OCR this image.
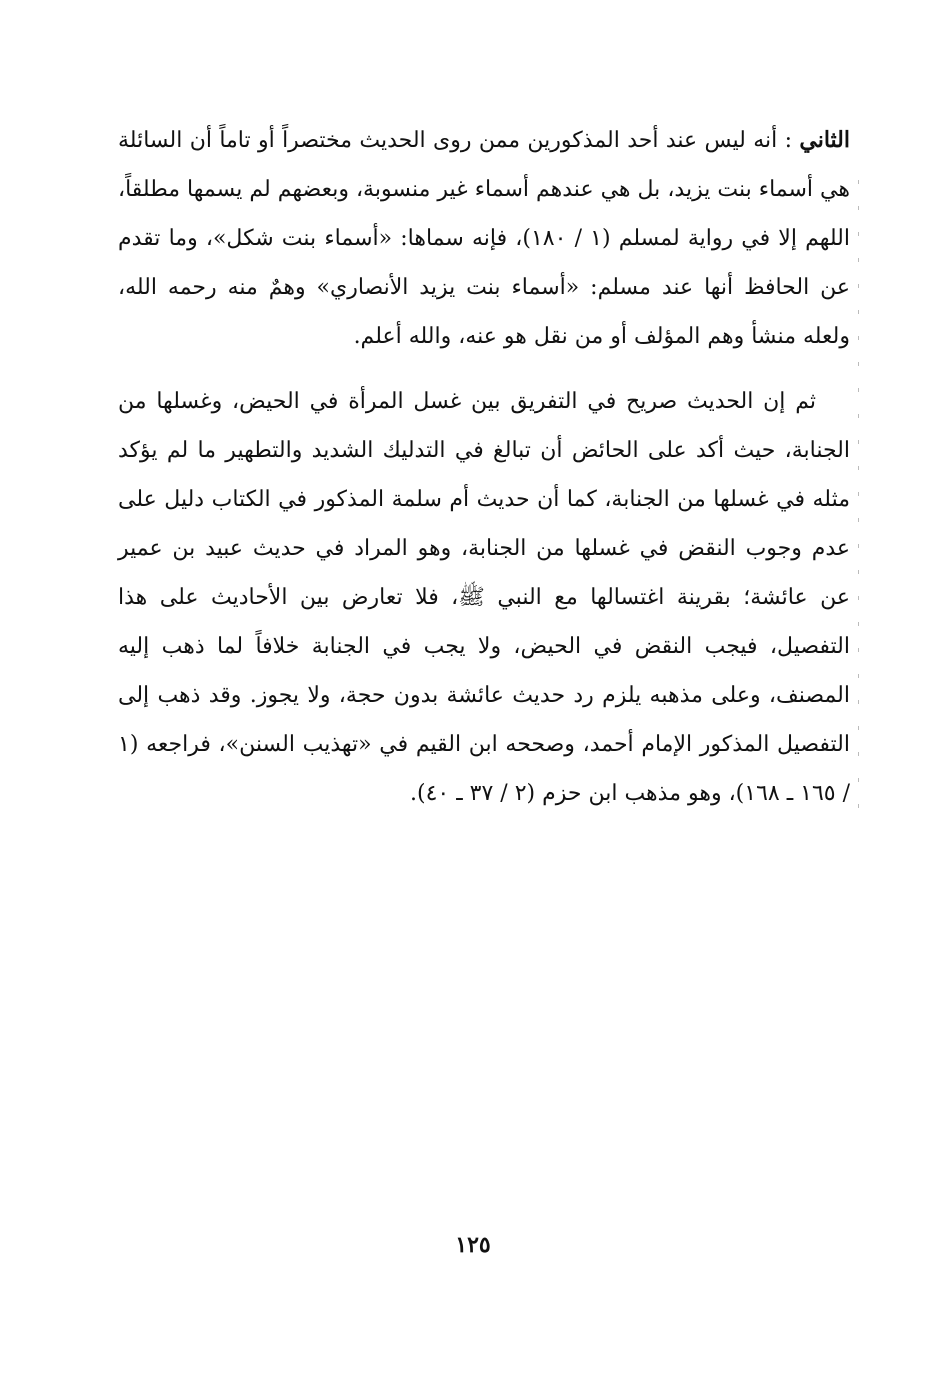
الثاني : أنه ليس عند أحد المذكورين ممن روى الحديث مختصراً أو تاماً أن السائلة هي أسماء بنت يزيد، بل هي عندهم أسماء غير منسوبة، وبعضهم لم يسمها مطلقاً، اللهم إلا في رواية لمسلم (١ / ١٨٠)، فإنه سماها: «أسماء بنت شكل»، وما تقدم عن الحافظ أنها عند مسلم: «أسماء بنت يزيد الأنصاري» وهمٌ منه رحمه الله، ولعله منشأ وهم المؤلف أو من نقل هو عنه، والله أعلم.

ثم إن الحديث صريح في التفريق بين غسل المرأة في الحيض، وغسلها من الجنابة، حيث أكد على الحائض أن تبالغ في التدليك الشديد والتطهير ما لم يؤكد مثله في غسلها من الجنابة، كما أن حديث أم سلمة المذكور في الكتاب دليل على عدم وجوب النقض في غسلها من الجنابة، وهو المراد في حديث عبيد بن عمير عن عائشة؛ بقرينة اغتسالها مع النبي ﷺ، فلا تعارض بين الأحاديث على هذا التفصيل، فيجب النقض في الحيض، ولا يجب في الجنابة خلافاً لما ذهب إليه المصنف، وعلى مذهبه يلزم رد حديث عائشة بدون حجة، ولا يجوز. وقد ذهب إلى التفصيل المذكور الإمام أحمد، وصححه ابن القيم في «تهذيب السنن»، فراجعه (١ / ١٦٥ ـ ١٦٨)، وهو مذهب ابن حزم (٢ / ٣٧ ـ ٤٠).

١٢٥
